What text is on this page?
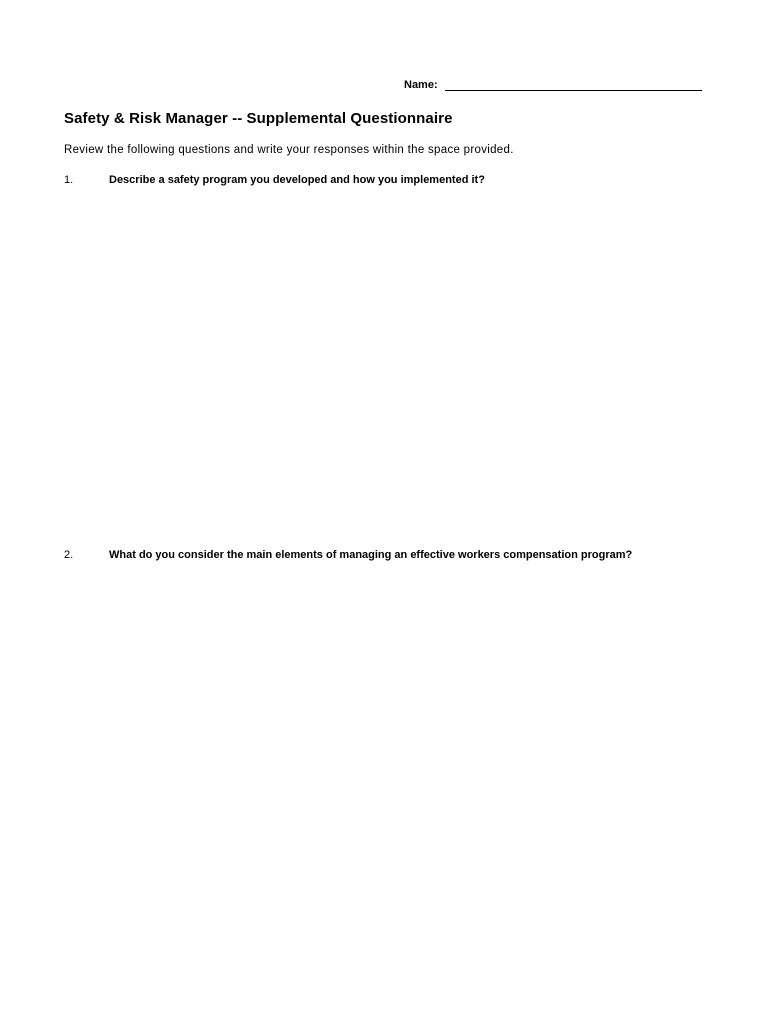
Name:
Safety & Risk Manager -- Supplemental Questionnaire
Review the following questions and write your responses within the space provided.
1.	Describe a safety program you developed and how you implemented it?
2.	What do you consider the main elements of managing an effective workers compensation program?
